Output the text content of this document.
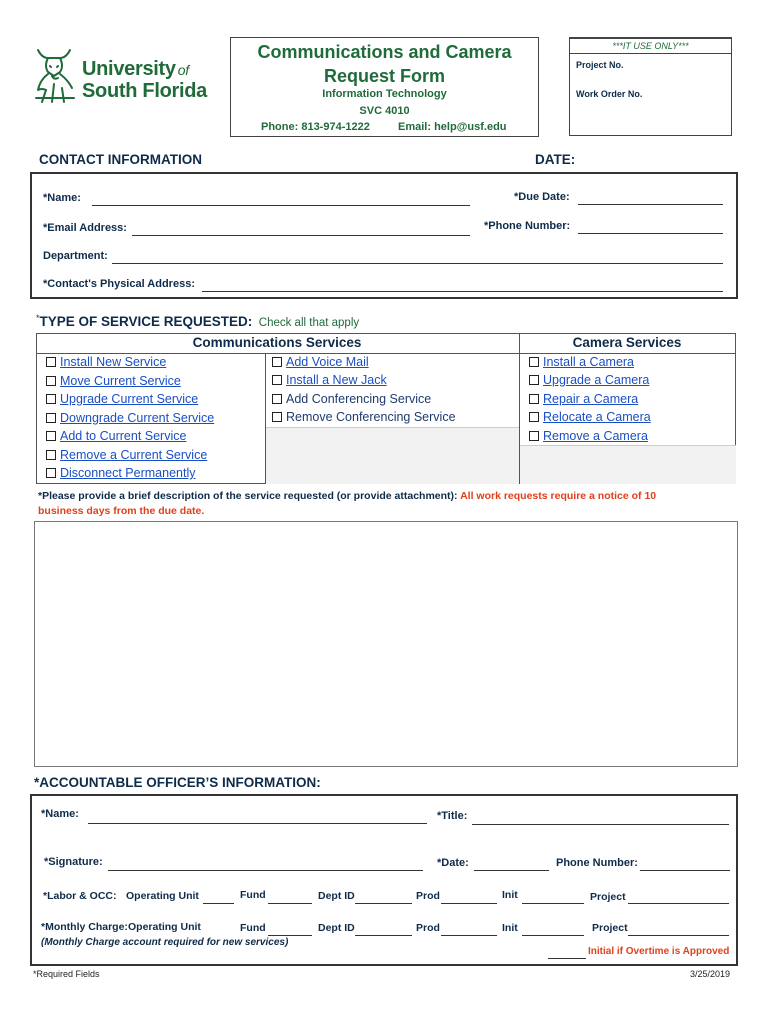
University of
South Florida
Communications and Camera
Request Form
Information Technology
SVC 4010
Phone: 813-974-1222	Email: help@usf.edu
***IT USE ONLY***
Project No.
Work Order No.
CONTACT INFORMATION	DATE:
*Name:	*Due Date:
*Email Address:	*Phone Number:
Department:
*Contact's Physical Address:
*TYPE OF SERVICE REQUESTED: Check all that apply
Communications Services	Camera Services
Install New Service
Move Current Service
Upgrade Current Service
Downgrade Current Service
Add to Current Service
Remove a Current Service
Disconnect Permanently
Add Voice Mail
Install a New Jack
Add Conferencing Service
Remove Conferencing Service
Install a Camera
Upgrade a Camera
Repair a Camera
Relocate a Camera
Remove a Camera
*Please provide a brief description of the service requested (or provide attachment): All work requests require a notice of 10
business days from the due date.
*ACCOUNTABLE OFFICER’S INFORMATION:
*Name:	*Title:
*Signature:	*Date:	Phone Number:
*Labor & OCC: Operating Unit	Fund	Dept ID	Prod	Init	Project
*Monthly Charge: Operating Unit	Fund	Dept ID	Prod	Init	Project
(Monthly Charge account required for new services)
Initial if Overtime is Approved
*Required Fields	3/25/2019
